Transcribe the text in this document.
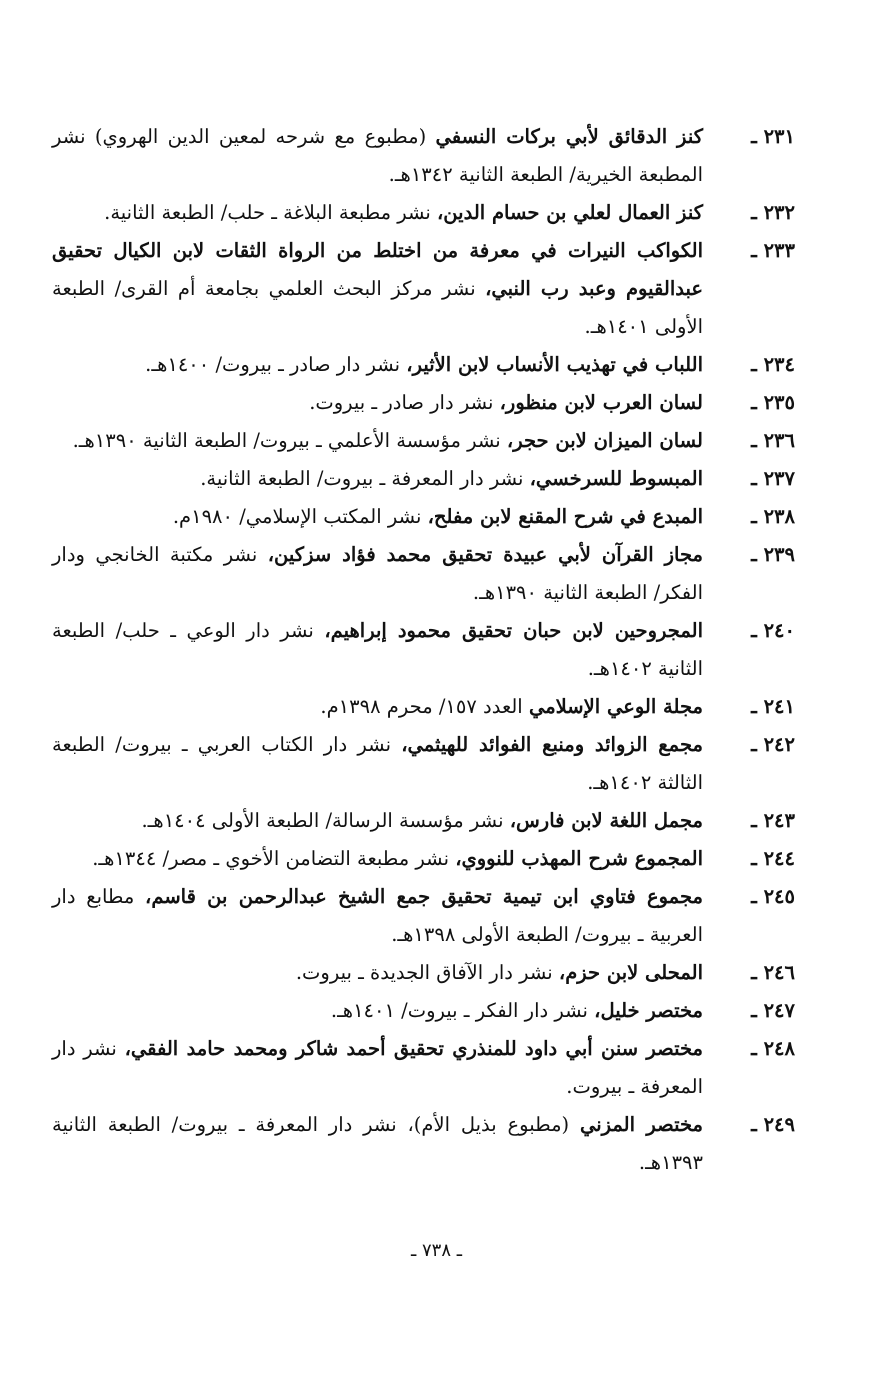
٢٣١ ـ
كنز الدقائق لأبي بركات النسفي (مطبوع مع شرحه لمعين الدين الهروي) نشر المطبعة الخيرية/ الطبعة الثانية ١٣٤٢هـ.
٢٣٢ ـ
كنز العمال لعلي بن حسام الدين، نشر مطبعة البلاغة ـ حلب/ الطبعة الثانية.
٢٣٣ ـ
الكواكب النيرات في معرفة من اختلط من الرواة الثقات لابن الكيال تحقيق عبدالقيوم وعبد رب النبي، نشر مركز البحث العلمي بجامعة أم القرى/ الطبعة الأولى ١٤٠١هـ.
٢٣٤ ـ
اللباب في تهذيب الأنساب لابن الأثير، نشر دار صادر ـ بيروت/ ١٤٠٠هـ.
٢٣٥ ـ
لسان العرب لابن منظور، نشر دار صادر ـ بيروت.
٢٣٦ ـ
لسان الميزان لابن حجر، نشر مؤسسة الأعلمي ـ بيروت/ الطبعة الثانية ١٣٩٠هـ.
٢٣٧ ـ
المبسوط للسرخسي، نشر دار المعرفة ـ بيروت/ الطبعة الثانية.
٢٣٨ ـ
المبدع في شرح المقنع لابن مفلح، نشر المكتب الإسلامي/ ١٩٨٠م.
٢٣٩ ـ
مجاز القرآن لأبي عبيدة تحقيق محمد فؤاد سزكين، نشر مكتبة الخانجي ودار الفكر/ الطبعة الثانية ١٣٩٠هـ.
٢٤٠ ـ
المجروحين لابن حبان تحقيق محمود إبراهيم، نشر دار الوعي ـ حلب/ الطبعة الثانية ١٤٠٢هـ.
٢٤١ ـ
مجلة الوعي الإسلامي العدد ١٥٧/ محرم ١٣٩٨م.
٢٤٢ ـ
مجمع الزوائد ومنبع الفوائد للهيثمي، نشر دار الكتاب العربي ـ بيروت/ الطبعة الثالثة ١٤٠٢هـ.
٢٤٣ ـ
مجمل اللغة لابن فارس، نشر مؤسسة الرسالة/ الطبعة الأولى ١٤٠٤هـ.
٢٤٤ ـ
المجموع شرح المهذب للنووي، نشر مطبعة التضامن الأخوي ـ مصر/ ١٣٤٤هـ.
٢٤٥ ـ
مجموع فتاوي ابن تيمية تحقيق جمع الشيخ عبدالرحمن بن قاسم، مطابع دار العربية ـ بيروت/ الطبعة الأولى ١٣٩٨هـ.
٢٤٦ ـ
المحلى لابن حزم، نشر دار الآفاق الجديدة ـ بيروت.
٢٤٧ ـ
مختصر خليل، نشر دار الفكر ـ بيروت/ ١٤٠١هـ.
٢٤٨ ـ
مختصر سنن أبي داود للمنذري تحقيق أحمد شاكر ومحمد حامد الفقي، نشر دار المعرفة ـ بيروت.
٢٤٩ ـ
مختصر المزني (مطبوع بذيل الأم)، نشر دار المعرفة ـ بيروت/ الطبعة الثانية ١٣٩٣هـ.
ـ ٧٣٨ ـ
